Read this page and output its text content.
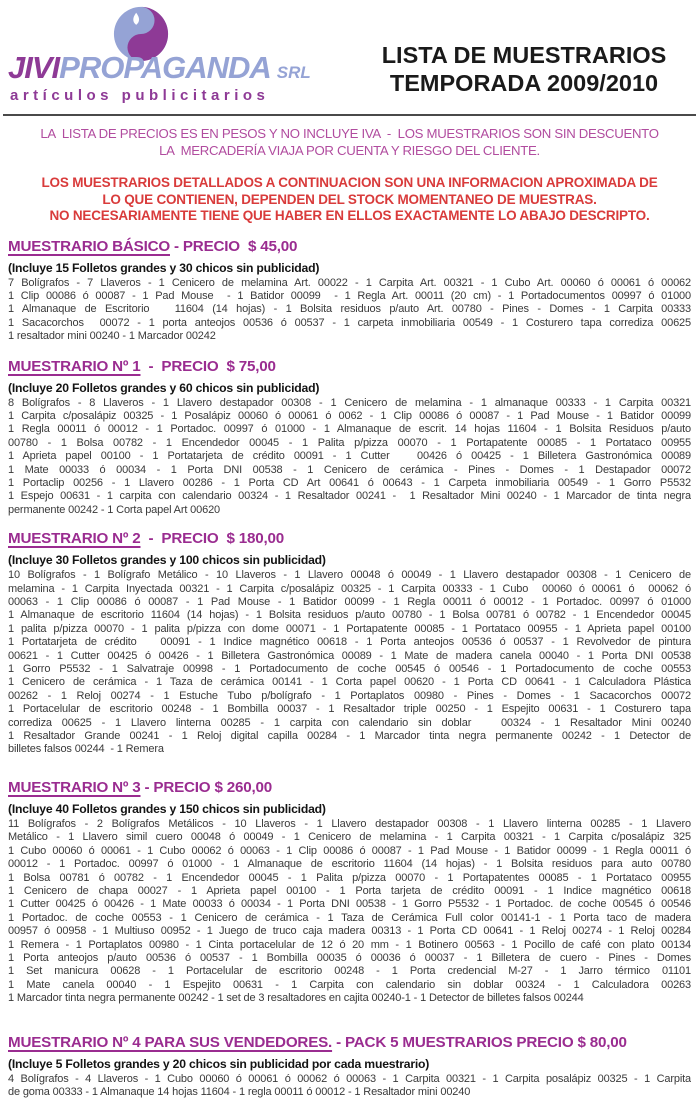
JIVIPROPAGANDA SRL
artículos publicitarios
LISTA DE MUESTRARIOS
TEMPORADA 2009/2010
LA  LISTA DE PRECIOS ES EN PESOS Y NO INCLUYE IVA  -  LOS MUESTRARIOS SON SIN DESCUENTO
LA  MERCADERÍA VIAJA POR CUENTA Y RIESGO DEL CLIENTE.
LOS MUESTRARIOS DETALLADOS A CONTINUACION SON UNA INFORMACION APROXIMADA DE
LO QUE CONTIENEN, DEPENDEN DEL STOCK MOMENTANEO DE MUESTRAS.
NO NECESARIAMENTE TIENE QUE HABER EN ELLOS EXACTAMENTE LO ABAJO DESCRIPTO.
MUESTRARIO BÁSICO - PRECIO  $ 45,00

(Incluye 15 Folletos grandes y 30 chicos sin publicidad)

7 Bolígrafos - 7 Llaveros - 1 Cenicero de melamina Art. 00022 - 1 Carpita Art. 00321 - 1 Cubo Art. 00060 ó 00061 ó 00062
1 Clip 00086 ó 00087 - 1 Pad Mouse  - 1 Batidor 00099  - 1 Regla Art. 00011 (20 cm) - 1 Portadocumentos 00997 ó 01000
1 Almanaque de Escritorio   11604 (14 hojas) - 1 Bolsita residuos p/auto Art. 00780 - Pines - Domes - 1 Carpita 00333
1 Sacacorchos  00072 - 1 porta anteojos 00536 ó 00537 - 1 carpeta inmobiliaria 00549 - 1 Costurero tapa corrediza 00625
1 resaltador mini 00240 - 1 Marcador 00242
MUESTRARIO Nº 1  -  PRECIO  $ 75,00

(Incluye 20 Folletos grandes y 60 chicos sin publicidad)

8 Bolígrafos - 8 Llaveros - 1 Llavero destapador 00308 - 1 Cenicero de melamina - 1 almanaque 00333 - 1 Carpita 00321
1 Carpita c/posalápiz 00325 - 1 Posalápiz 00060 ó 00061 ó 0062 - 1 Clip 00086 ó 00087 - 1 Pad Mouse - 1 Batidor 00099
1 Regla 00011 ó 00012 - 1 Portadoc. 00997 ó 01000 - 1 Almanaque de escrit. 14 hojas 11604 - 1 Bolsita Residuos p/auto
00780 - 1 Bolsa 00782 - 1 Encendedor 00045 - 1 Palita p/pizza 00070 - 1 Portapatente 00085 - 1 Portataco 00955
1 Aprieta papel 00100 - 1 Portatarjeta de crédito 00091 - 1 Cutter   00426 ó 00425 - 1 Billetera Gastronómica 00089
1 Mate 00033 ó 00034 - 1 Porta DNI 00538 - 1 Cenicero de cerámica - Pines - Domes - 1 Destapador 00072
1 Portaclip 00256 - 1 Llavero 00286 - 1 Porta CD Art 00641 ó 00643 - 1 Carpeta inmobiliaria 00549 - 1 Gorro P5532
1 Espejo 00631 - 1 carpita con calendario 00324 - 1 Resaltador 00241 -  1 Resaltador Mini 00240 - 1 Marcador de tinta negra
permanente 00242 - 1 Corta papel Art 00620
MUESTRARIO Nº 2  -  PRECIO  $ 180,00

(Incluye 30 Folletos grandes y 100 chicos sin publicidad)

10 Bolígrafos - 1 Bolígrafo Metálico - 10 Llaveros - 1 Llavero 00048 ó 00049 - 1 Llavero destapador 00308 - 1 Cenicero de
melamina - 1 Carpita Inyectada 00321 - 1 Carpita c/posalápiz 00325 - 1 Carpita 00333 - 1 Cubo  00060 ó 00061 ó  00062 ó
00063 - 1 Clip 00086 ó 00087 - 1 Pad Mouse - 1 Batidor 00099 - 1 Regla 00011 ó 00012 - 1 Portadoc. 00997 ó 01000
1 Almanaque de escritorio 11604 (14 hojas) - 1 Bolsita residuos p/auto 00780 - 1 Bolsa 00781 ó 00782 - 1 Encendedor 00045
1 palita p/pizza 00070 - 1 palita p/pizza con dome 00071 - 1 Portapatente 00085 - 1 Portataco 00955 - 1 Aprieta papel 00100
1 Portatarjeta de crédito   00091 - 1 Indice magnético 00618 - 1 Porta anteojos 00536 ó 00537 - 1 Revolvedor de pintura
00621 - 1 Cutter 00425 ó 00426 - 1 Billetera Gastronómica 00089 - 1 Mate de madera canela 00040 - 1 Porta DNI 00538
1 Gorro P5532 - 1 Salvatraje 00998 - 1 Portadocumento de coche 00545 ó 00546 - 1 Portadocumento de coche 00553
1 Cenicero de cerámica - 1 Taza de cerámica 00141 - 1 Corta papel 00620 - 1 Porta CD 00641 - 1 Calculadora Plástica
00262 - 1 Reloj 00274 - 1 Estuche Tubo p/bolígrafo - 1 Portaplatos 00980 - Pines - Domes - 1 Sacacorchos 00072
1 Portacelular de escritorio 00248 - 1 Bombilla 00037 - 1 Resaltador triple 00250 - 1 Espejito 00631 - 1 Costurero tapa
corrediza 00625 - 1 Llavero linterna 00285 - 1 carpita con calendario sin doblar   00324 - 1 Resaltador Mini 00240
1 Resaltador Grande 00241 - 1 Reloj digital capilla 00284 - 1 Marcador tinta negra permanente 00242 - 1 Detector de
billetes falsos 00244  - 1 Remera
MUESTRARIO Nº 3 - PRECIO $ 260,00

(Incluye 40 Folletos grandes y 150 chicos sin publicidad)

11 Bolígrafos - 2 Bolígrafos Metálicos - 10 Llaveros - 1 Llavero destapador 00308 - 1 Llavero linterna 00285 - 1 Llavero
Metálico - 1 Llavero simil cuero 00048 ó 00049 - 1 Cenicero de melamina - 1 Carpita 00321 - 1 Carpita c/posalápiz 325
1 Cubo 00060 ó 00061 - 1 Cubo 00062 ó 00063 - 1 Clip 00086 ó 00087 - 1 Pad Mouse - 1 Batidor 00099 - 1 Regla 00011 ó
00012 - 1 Portadoc. 00997 ó 01000 - 1 Almanaque de escritorio 11604 (14 hojas) - 1 Bolsita residuos para auto 00780
1 Bolsa 00781 ó 00782 - 1 Encendedor 00045 - 1 Palita p/pizza 00070 - 1 Portapatentes 00085 - 1 Portataco 00955
1 Cenicero de chapa 00027 - 1 Aprieta papel 00100 - 1 Porta tarjeta de crédito 00091 - 1 Indice magnético 00618
1 Cutter 00425 ó 00426 - 1 Mate 00033 ó 00034 - 1 Porta DNI 00538 - 1 Gorro P5532 - 1 Portadoc. de coche 00545 ó 00546
1 Portadoc. de coche 00553 - 1 Cenicero de cerámica - 1 Taza de Cerámica Full color 00141-1 - 1 Porta taco de madera
00957 ó 00958 - 1 Multiuso 00952 - 1 Juego de truco caja madera 00313 - 1 Porta CD 00641 - 1 Reloj 00274 - 1 Reloj 00284
1 Remera - 1 Portaplatos 00980 - 1 Cinta portacelular de 12 ó 20 mm - 1 Botinero 00563 - 1 Pocillo de café con plato 00134
1 Porta anteojos p/auto 00536 ó 00537 - 1 Bombilla 00035 ó 00036 ó 00037 - 1 Billetera de cuero - Pines - Domes
1 Set manicura 00628 - 1 Portacelular de escritorio 00248 - 1 Porta credencial M-27 - 1 Jarro térmico 01101
1 Mate canela 00040 - 1 Espejito 00631 - 1 Carpita con calendario sin doblar 00324 - 1 Calculadora 00263
1 Marcador tinta negra permanente 00242 - 1 set de 3 resaltadores en cajita 00240-1 - 1 Detector de billetes falsos 00244
MUESTRARIO Nº 4 PARA SUS VENDEDORES. - PACK 5 MUESTRARIOS PRECIO $ 80,00

(Incluye 5 Folletos grandes y 20 chicos sin publicidad por cada muestrario)

4 Bolígrafos - 4 Llaveros - 1 Cubo 00060 ó 00061 ó 00062 ó 00063 - 1 Carpita 00321 - 1 Carpita posalápiz 00325 - 1 Carpita
de goma 00333 - 1 Almanaque 14 hojas 11604 - 1 regla 00011 ó 00012 - 1 Resaltador mini 00240
